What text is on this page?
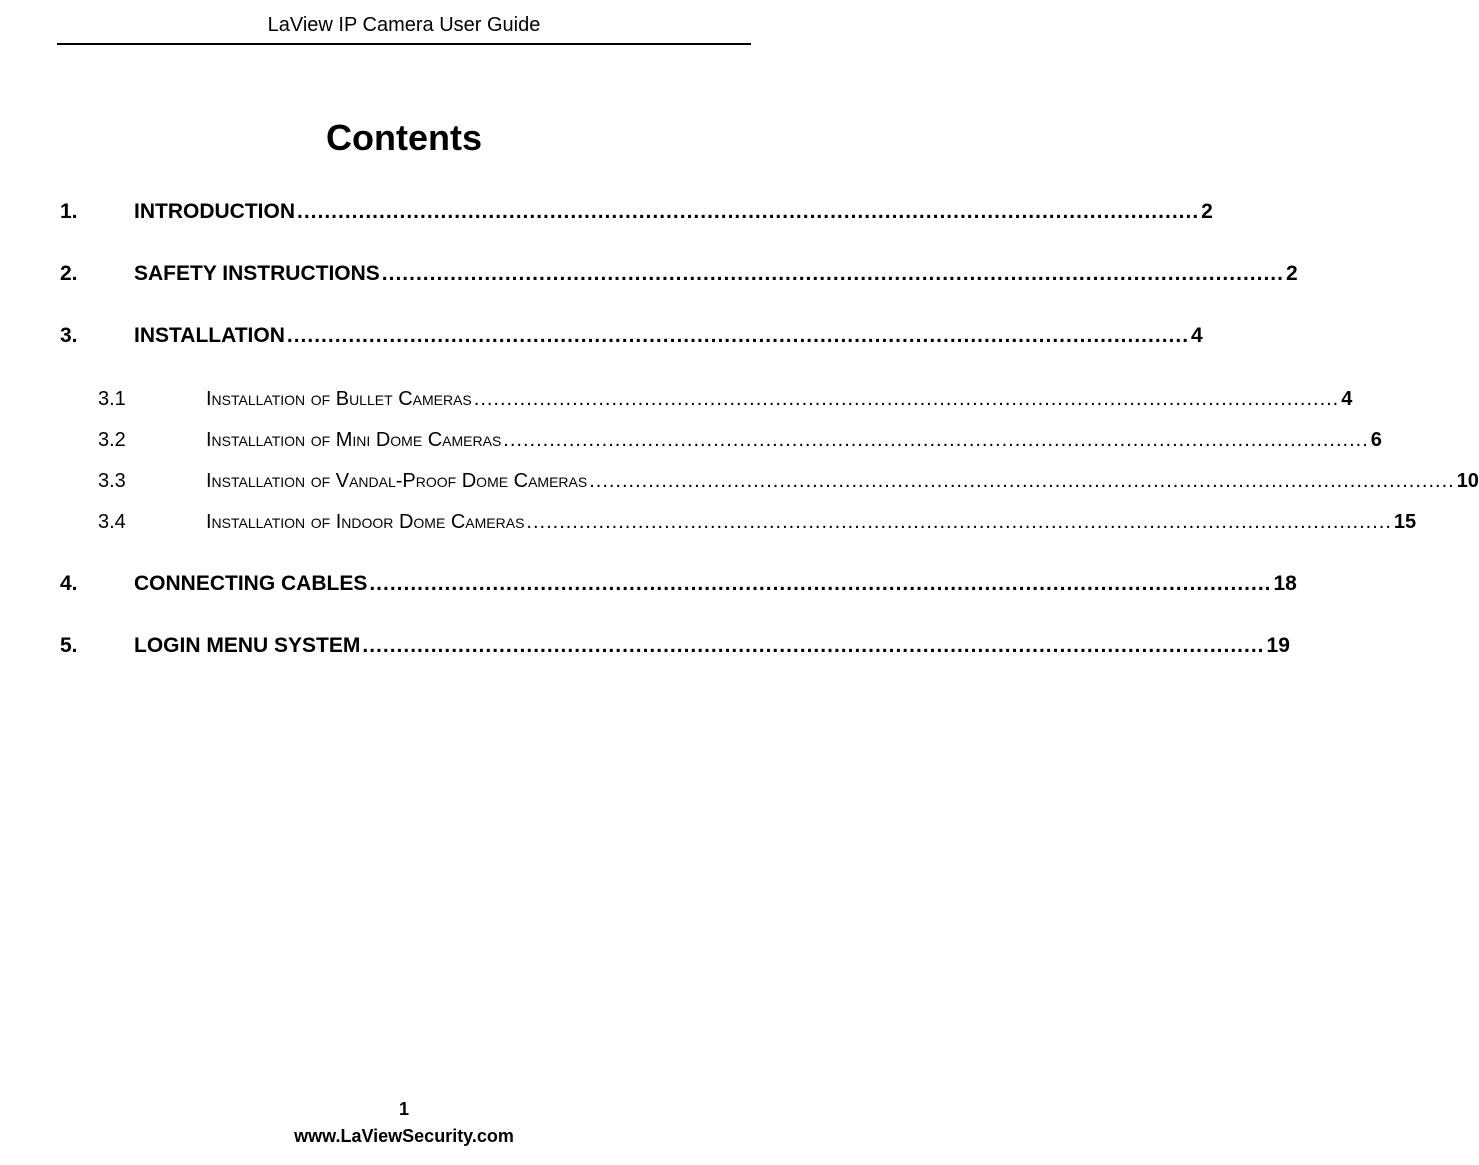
LaView IP Camera User Guide
Contents
1.	INTRODUCTION .................................................................................................................................... 2
2.	SAFETY INSTRUCTIONS .................................................................................................................................... 2
3.	INSTALLATION .................................................................................................................................... 4
3.1	Installation of Bullet Cameras .................................................................................................................................... 4
3.2	Installation of Mini Dome Cameras .................................................................................................................................... 6
3.3	Installation of Vandal-Proof Dome Cameras .................................................................................................................................... 10
3.4	Installation of Indoor Dome Cameras .................................................................................................................................... 15
4.	CONNECTING CABLES .................................................................................................................................... 18
5.	LOGIN MENU SYSTEM .................................................................................................................................... 19
1
www.LaViewSecurity.com
